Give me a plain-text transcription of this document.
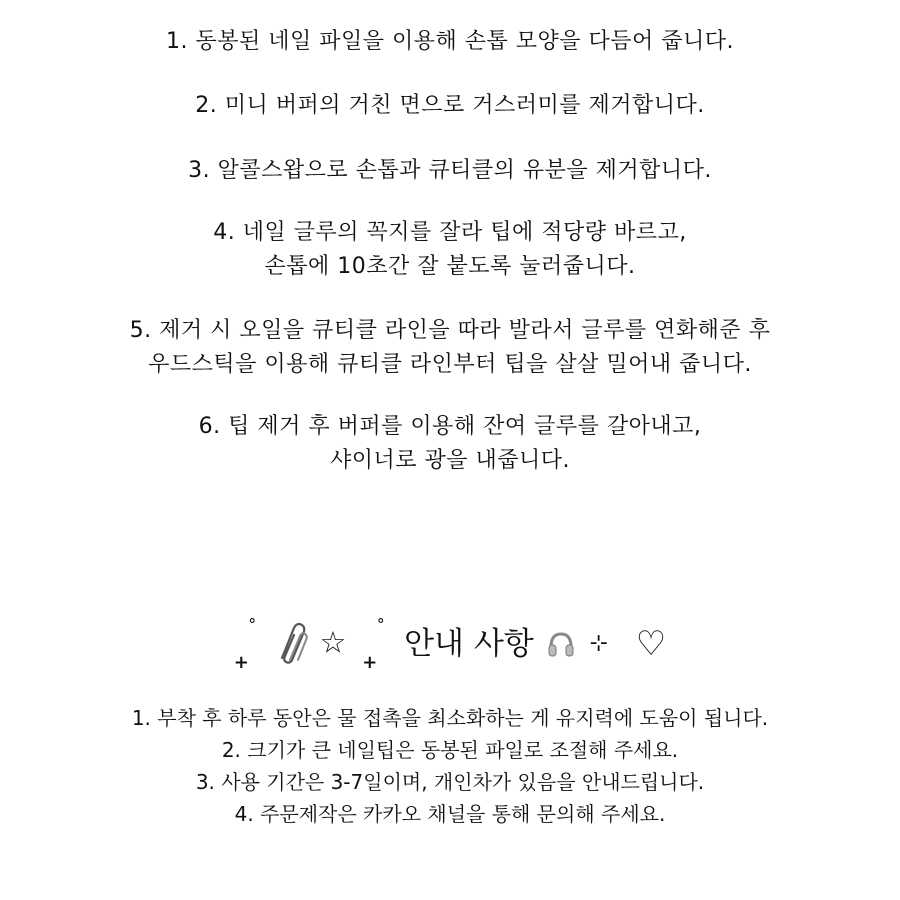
1. 동봉된 네일 파일을 이용해 손톱 모양을 다듬어 줍니다.
2. 미니 버퍼의 거친 면으로 거스러미를 제거합니다.
3. 알콜스왑으로 손톱과 큐티클의 유분을 제거합니다.
4. 네일 글루의 꼭지를 잘라 팁에 적당량 바르고,
손톱에 10초간 잘 붙도록 눌러줍니다.
5. 제거 시 오일을 큐티클 라인을 따라 발라서 글루를 연화해준 후
우드스틱을 이용해 큐티클 라인부터 팁을 살살 밀어내 줍니다.
6. 팁 제거 후 버퍼를 이용해 잔여 글루를 갈아내고,
샤이너로 광을 내줍니다.
˚
+
☆ ˚
+
안내 사항	⊹ ♡
1. 부착 후 하루 동안은 물 접촉을 최소화하는 게 유지력에 도움이 됩니다.
2. 크기가 큰 네일팁은 동봉된 파일로 조절해 주세요.
3. 사용 기간은 3-7일이며, 개인차가 있음을 안내드립니다.
4. 주문제작은 카카오 채널을 통해 문의해 주세요.
